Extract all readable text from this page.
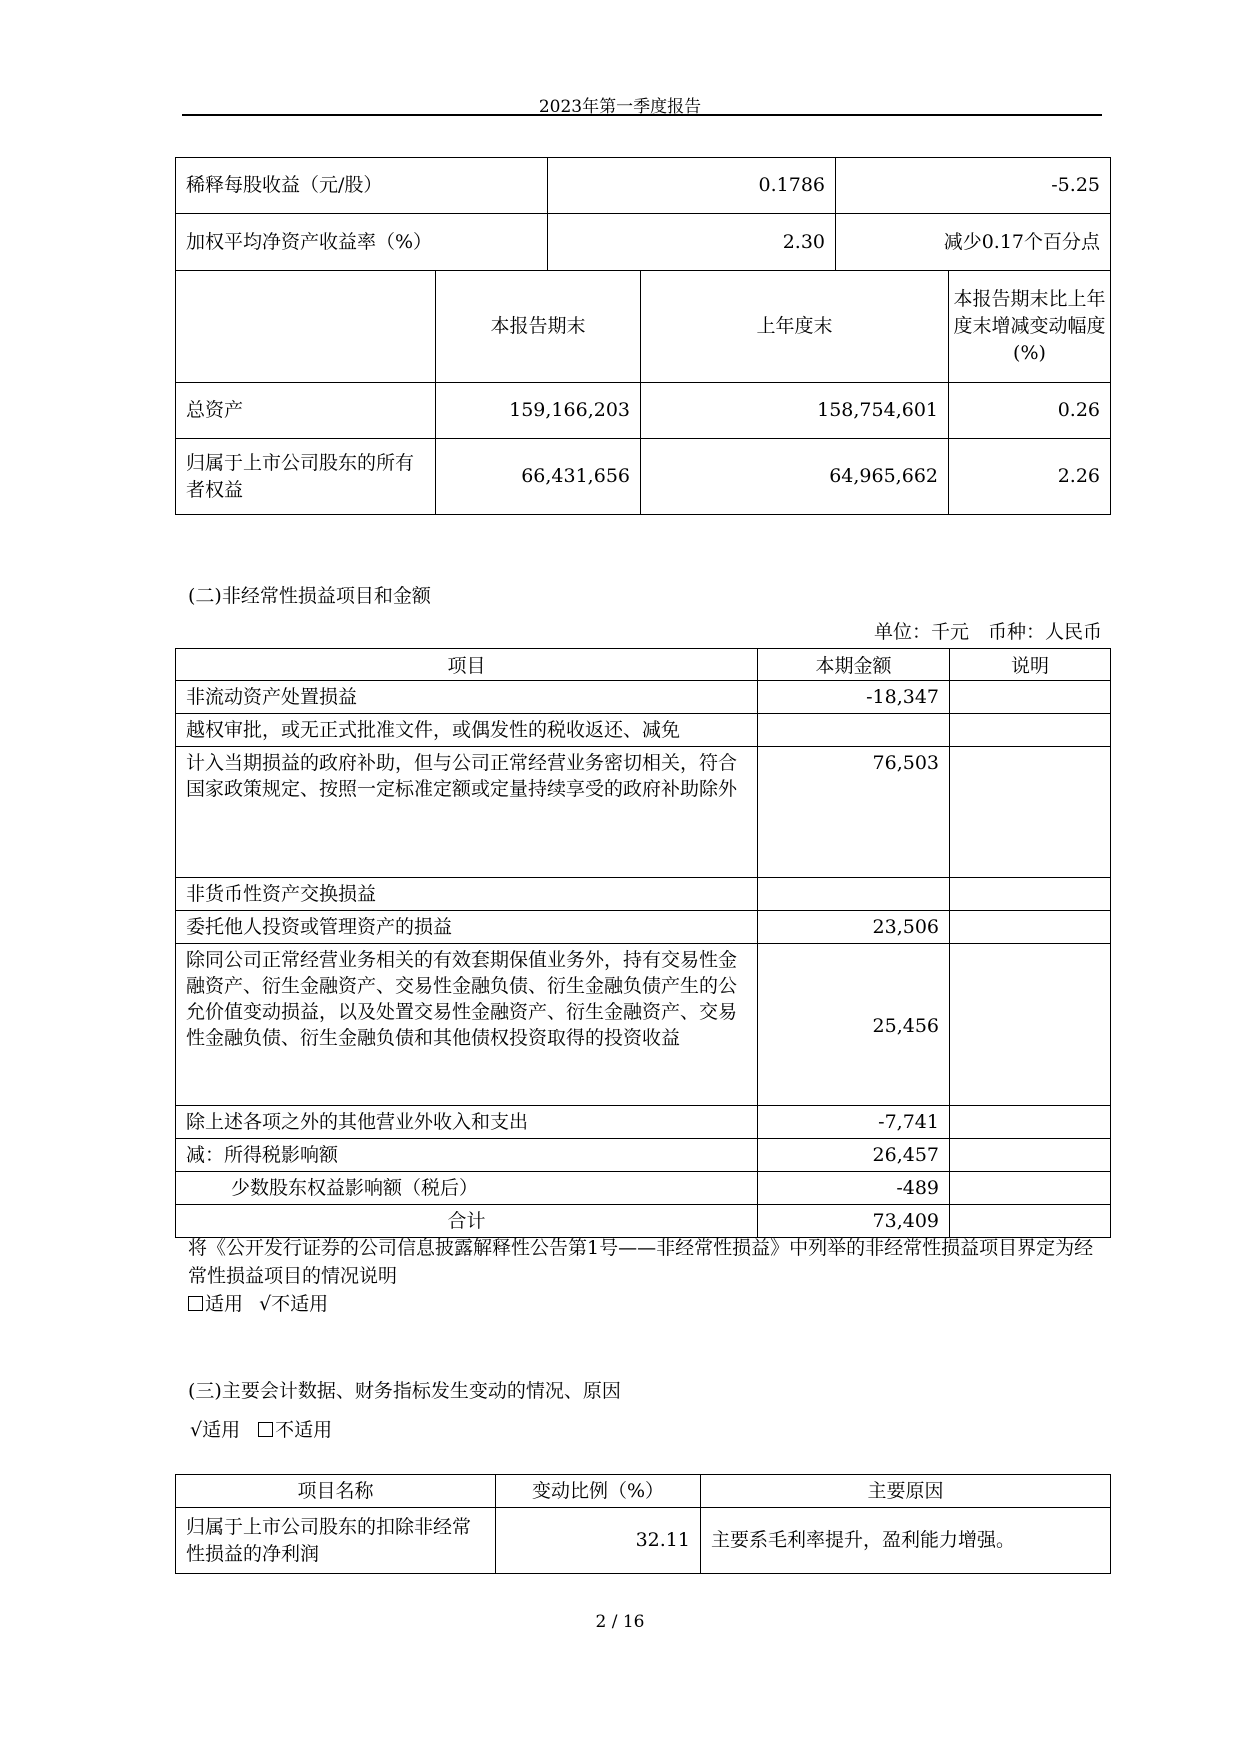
2023年第一季度报告
稀释每股收益（元/股）	0.1786	-5.25
加权平均净资产收益率（%）	2.30	减少0.17个百分点
	本报告期末	上年度末	本报告期末比上年度末增减变动幅度(%)
总资产	159,166,203	158,754,601	0.26
归属于上市公司股东的所有者权益	66,431,656	64,965,662	2.26
(二)非经常性损益项目和金额
单位：千元　币种：人民币
项目	本期金额	说明
非流动资产处置损益	-18,347	
越权审批，或无正式批准文件，或偶发性的税收返还、减免		
计入当期损益的政府补助，但与公司正常经营业务密切相关，符合国家政策规定、按照一定标准定额或定量持续享受的政府补助除外	76,503	
非货币性资产交换损益		
委托他人投资或管理资产的损益	23,506	
除同公司正常经营业务相关的有效套期保值业务外，持有交易性金融资产、衍生金融资产、交易性金融负债、衍生金融负债产生的公允价值变动损益，以及处置交易性金融资产、衍生金融资产、交易性金融负债、衍生金融负债和其他债权投资取得的投资收益	25,456	
除上述各项之外的其他营业外收入和支出	-7,741	
减：所得税影响额	26,457	
少数股东权益影响额（税后）	-489	
合计	73,409	
将《公开发行证券的公司信息披露解释性公告第1号——非经常性损益》中列举的非经常性损益项目界定为经常性损益项目的情况说明
适用 √不适用
(三)主要会计数据、财务指标发生变动的情况、原因
√适用 不适用
项目名称	变动比例（%）	主要原因
归属于上市公司股东的扣除非经常性损益的净利润	32.11	主要系毛利率提升，盈利能力增强。
2 / 16
